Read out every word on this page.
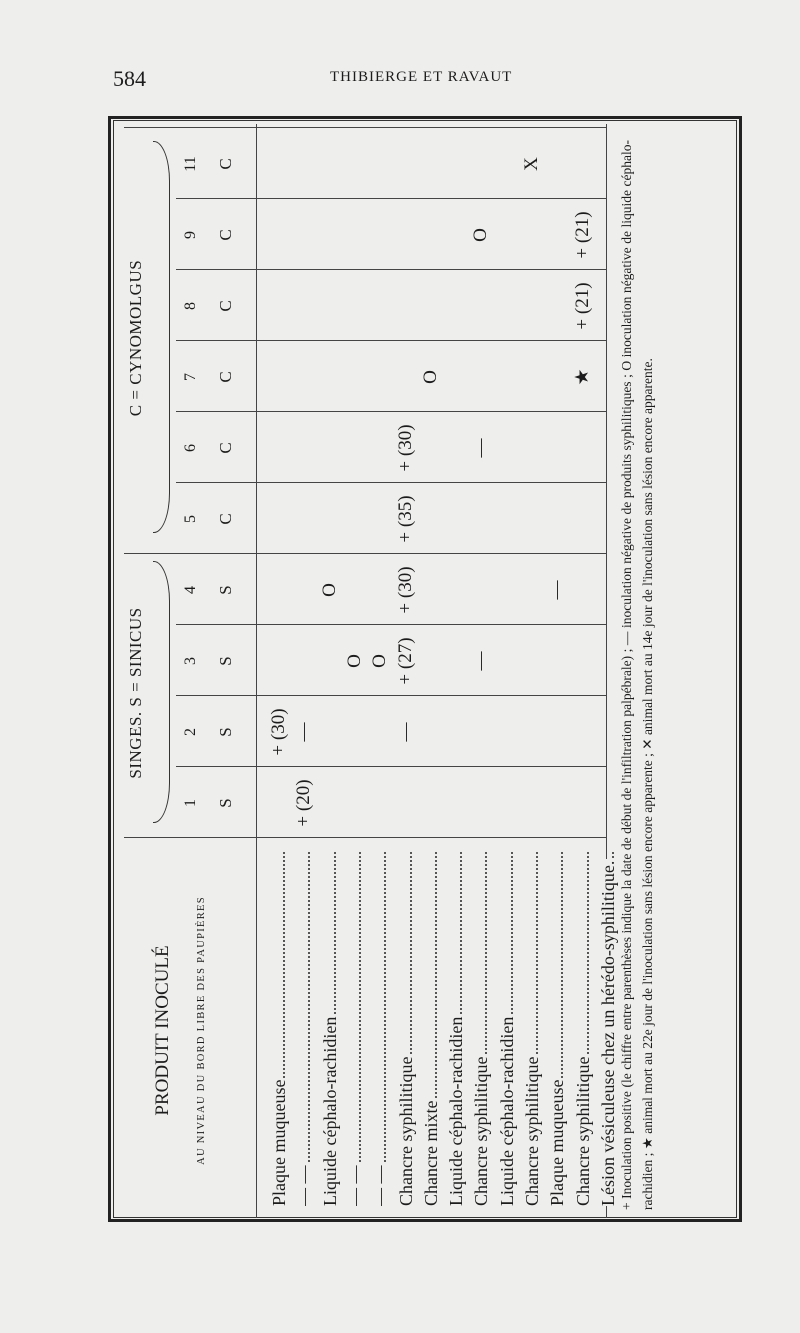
584	THIBIERGE ET RAVAUT
PRODUIT INOCULÉ AU NIVEAU DU BORD LIBRE DES PAUPIÈRES
SINGES. S = SINICUS
C = CYNOMOLGUS
1 S
2 S
3 S
4 S
5 C
6 C
7 C
8 C
9 C
11 C
Plaque muqueuse
+ (30)
— —
+ (20)
—
Liquide céphalo-rachidien
O
— —
O
— —
O
Chancre syphilitique
—
+ (27)
+ (30)
+ (35)
+ (30)
Chancre mixte
O
Liquide céphalo-rachidien Chancre syphilitique
—
—
O
Liquide céphalo-rachidien Chancre syphilitique
X
Plaque muqueuse
—
Chancre syphilitique
★
+ (21)
+ (21)
Lésion vésiculeuse chez un hérédo-syphilitique. + Inoculation positive (le chiffre entre parenthèses indique la date de début de l'infiltration palpébrale) ; — inoculation négative de produits syphilitiques ; O inoculation négative de liquide céphalo-rachidien ; ★ animal mort au 22e jour de l'inoculation sans lésion encore apparente ; ✕ animal mort au 14e jour de l'inoculation sans lésion encore apparente.
